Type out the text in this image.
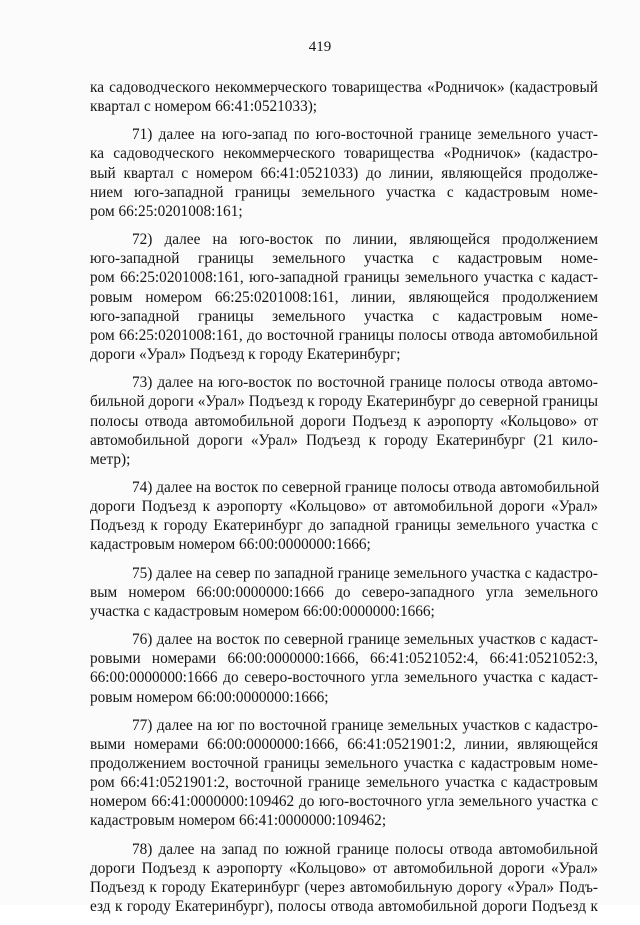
419
ка садоводческого некоммерческого товарищества «Родничок» (кадастровый
квартал с номером 66:41:0521033);
71) далее на юго-запад по юго-восточной границе земельного участ-
ка садоводческого некоммерческого товарищества «Родничок» (кадастро-
вый квартал с номером 66:41:0521033) до линии, являющейся продолже-
нием юго-западной границы земельного участка с кадастровым номе-
ром 66:25:0201008:161;
72) далее на юго-восток по линии, являющейся продолжением
юго-западной границы земельного участка с кадастровым номе-
ром 66:25:0201008:161, юго-западной границы земельного участка с кадаст-
ровым номером 66:25:0201008:161, линии, являющейся продолжением
юго-западной границы земельного участка с кадастровым номе-
ром 66:25:0201008:161, до восточной границы полосы отвода автомобильной
дороги «Урал» Подъезд к городу Екатеринбург;
73) далее на юго-восток по восточной границе полосы отвода автомо-
бильной дороги «Урал» Подъезд к городу Екатеринбург до северной границы
полосы отвода автомобильной дороги Подъезд к аэропорту «Кольцово» от
автомобильной дороги «Урал» Подъезд к городу Екатеринбург (21 кило-
метр);
74) далее на восток по северной границе полосы отвода автомобильной
дороги Подъезд к аэропорту «Кольцово» от автомобильной дороги «Урал»
Подъезд к городу Екатеринбург до западной границы земельного участка с
кадастровым номером 66:00:0000000:1666;
75) далее на север по западной границе земельного участка с кадастро-
вым номером 66:00:0000000:1666 до северо-западного угла земельного
участка с кадастровым номером 66:00:0000000:1666;
76) далее на восток по северной границе земельных участков с кадаст-
ровыми номерами 66:00:0000000:1666, 66:41:0521052:4, 66:41:0521052:3,
66:00:0000000:1666 до северо-восточного угла земельного участка с кадаст-
ровым номером 66:00:0000000:1666;
77) далее на юг по восточной границе земельных участков с кадастро-
выми номерами 66:00:0000000:1666, 66:41:0521901:2, линии, являющейся
продолжением восточной границы земельного участка с кадастровым номе-
ром 66:41:0521901:2, восточной границе земельного участка с кадастровым
номером 66:41:0000000:109462 до юго-восточного угла земельного участка с
кадастровым номером 66:41:0000000:109462;
78) далее на запад по южной границе полосы отвода автомобильной
дороги Подъезд к аэропорту «Кольцово» от автомобильной дороги «Урал»
Подъезд к городу Екатеринбург (через автомобильную дорогу «Урал» Подъ-
езд к городу Екатеринбург), полосы отвода автомобильной дороги Подъезд к
